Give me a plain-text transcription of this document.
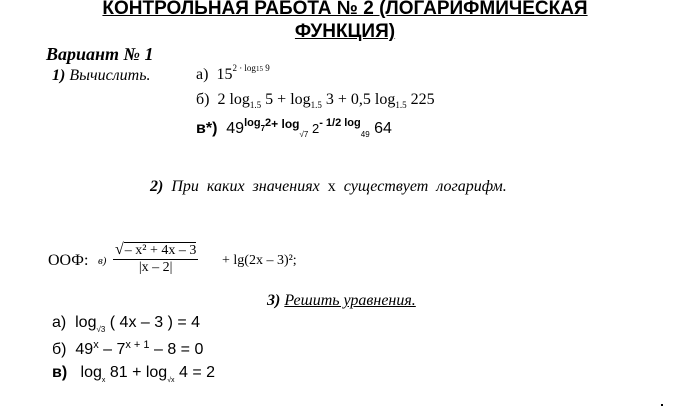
КОНТРОЛЬНАЯ РАБОТА № 2 (ЛОГАРИФМИЧЕСКАЯ
ФУНКЦИЯ)
Вариант № 1
1) Вычислить.	а) $15^{2 \cdot log15 9}$
б) 2 $\log_{1.5} 5 + \log_{1.5} 3 + 0,5$ $\log_{1.5} 225$
в*) $49^{log_72+ log}_{√7}$ $2^{- 1/2 log}_{49}$ 64
2) При каких значениях x существует логарифм.
ООФ: $в) \frac{\text{√– x² + 4x – 3}}{|x - 2|} + \lg(2x - 3)^2$;
3) Решить уравнения.
а) $\log_{√3}$ ( 4x – 3 ) = 4
б) $49^x - 7^{x + 1} - 8 = 0$
в) $\log_x 81 + \log_{√x} 4 = 2$
